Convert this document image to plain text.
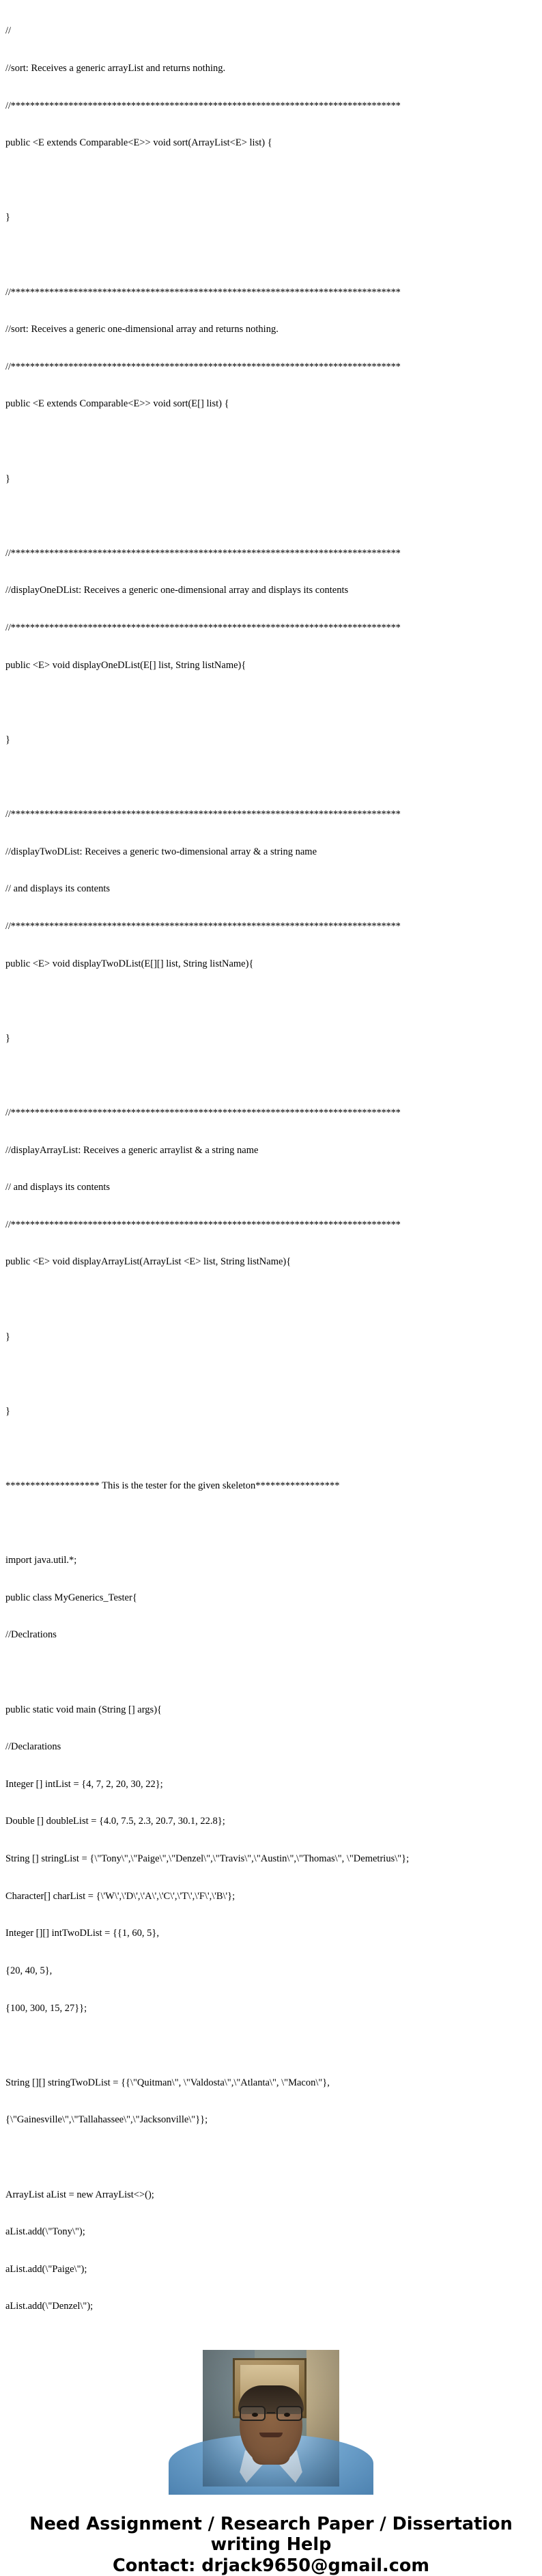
//

//sort: Receives a generic arrayList and returns nothing.

//*********************************************************************************

public <E extends Comparable<E>> void sort(ArrayList<E> list) {

}

//*********************************************************************************

//sort: Receives a generic one-dimensional array and returns nothing.

//*********************************************************************************

public <E extends Comparable<E>> void sort(E[] list) {

}

//*********************************************************************************

//displayOneDList: Receives a generic one-dimensional array and displays its contents

//*********************************************************************************

public <E> void displayOneDList(E[] list, String listName){

}

//*********************************************************************************

//displayTwoDList: Receives a generic two-dimensional array & a string name

// and displays its contents

//*********************************************************************************

public <E> void displayTwoDList(E[][] list, String listName){

}

//*********************************************************************************

//displayArrayList: Receives a generic arraylist & a string name

// and displays its contents

//*********************************************************************************

public <E> void displayArrayList(ArrayList <E> list, String listName){

}

}

******************* This is the tester for the given skeleton*****************

import java.util.*;

public class MyGenerics_Tester{

//Declrations

public static void main (String [] args){

//Declarations

Integer [] intList = {4, 7, 2, 20, 30, 22};

Double [] doubleList = {4.0, 7.5, 2.3, 20.7, 30.1, 22.8};

String [] stringList = {\"Tony\",\"Paige\",\"Denzel\",\"Travis\",\"Austin\",\"Thomas\", \"Demetrius\"};

Character[] charList = {\'W\',\'D\',\'A\',\'C\',\'T\',\'F\',\'B\'};

Integer [][] intTwoDList = {{1, 60, 5},

{20, 40, 5},

{100, 300, 15, 27}};

String [][] stringTwoDList = {{\"Quitman\", \"Valdosta\",\"Atlanta\", \"Macon\"},

{\"Gainesville\",\"Tallahassee\",\"Jacksonville\"}};

ArrayList aList = new ArrayList<>();

aList.add(\"Tony\");

aList.add(\"Paige\");

aList.add(\"Denzel\");

Need Assignment / Research Paper / Dissertation
writing Help
Contact: drjack9650@gmail.com
